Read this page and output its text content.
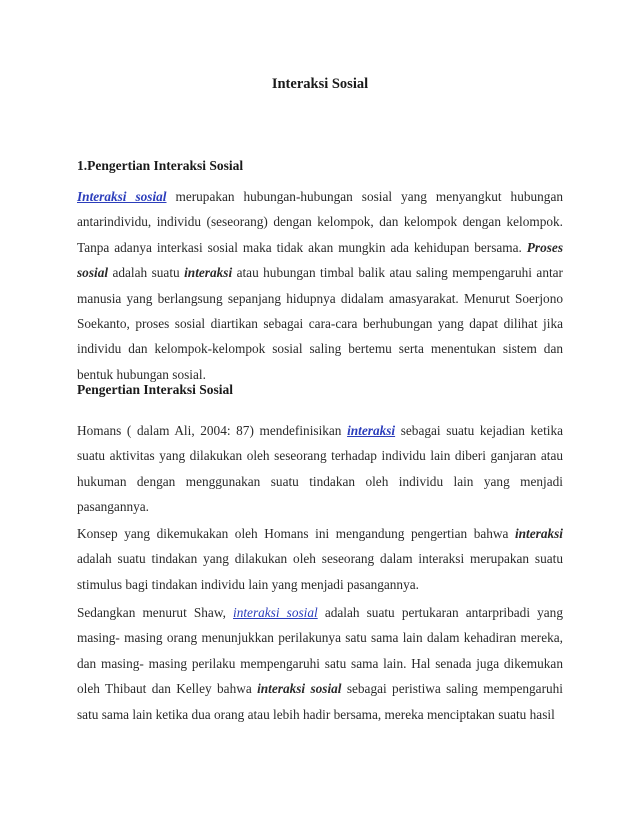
Interaksi Sosial
1.Pengertian Interaksi Sosial

Interaksi sosial merupakan hubungan-hubungan sosial yang menyangkut hubungan antarindividu, individu (seseorang) dengan kelompok, dan kelompok dengan kelompok. Tanpa adanya interkasi sosial maka tidak akan mungkin ada kehidupan bersama. Proses sosial adalah suatu interaksi atau hubungan timbal balik atau saling mempengaruhi antar manusia yang berlangsung sepanjang hidupnya didalam amasyarakat. Menurut Soerjono Soekanto, proses sosial diartikan sebagai cara-cara berhubungan yang dapat dilihat jika individu dan kelompok-kelompok sosial saling bertemu serta menentukan sistem dan bentuk hubungan sosial.

Pengertian Interaksi Sosial

Homans ( dalam Ali, 2004: 87) mendefinisikan interaksi sebagai suatu kejadian ketika suatu aktivitas yang dilakukan oleh seseorang terhadap individu lain diberi ganjaran atau hukuman dengan menggunakan suatu tindakan oleh individu lain yang menjadi pasangannya.

Konsep yang dikemukakan oleh Homans ini mengandung pengertian bahwa interaksi adalah suatu tindakan yang dilakukan oleh seseorang dalam interaksi merupakan suatu stimulus bagi tindakan individu lain yang menjadi pasangannya.

Sedangkan menurut Shaw, interaksi sosial adalah suatu pertukaran antarpribadi yang masing- masing orang menunjukkan perilakunya satu sama lain dalam kehadiran mereka, dan masing- masing perilaku mempengaruhi satu sama lain. Hal senada juga dikemukan oleh Thibaut dan Kelley bahwa interaksi sosial sebagai peristiwa saling mempengaruhi satu sama lain ketika dua orang atau lebih hadir bersama, mereka menciptakan suatu hasil
